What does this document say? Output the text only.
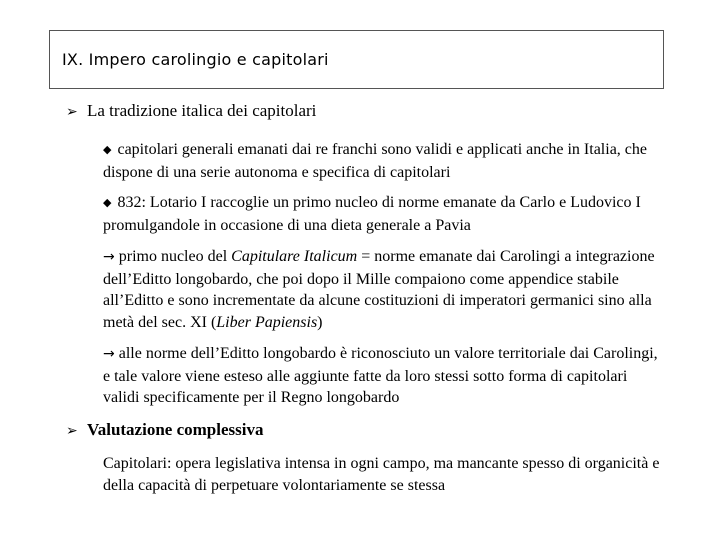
IX. Impero carolingio e capitolari
➢ La tradizione italica dei capitolari
◆ capitolari generali emanati dai re franchi sono validi e applicati anche in Italia, che dispone di una serie autonoma e specifica di capitolari
◆ 832: Lotario I raccoglie un primo nucleo di norme emanate da Carlo e Ludovico I promulgandole in occasione di una dieta generale a Pavia
→ primo nucleo del Capitulare Italicum = norme emanate dai Carolingi a integrazione dell’Editto longobardo, che poi dopo il Mille compaiono come appendice stabile all’Editto e sono incrementate da alcune costituzioni di imperatori germanici sino alla metà del sec. XI (Liber Papiensis)
→ alle norme dell’Editto longobardo è riconosciuto un valore territoriale dai Carolingi, e tale valore viene esteso alle aggiunte fatte da loro stessi sotto forma di capitolari validi specificamente per il Regno longobardo
➢ Valutazione complessiva
Capitolari: opera legislativa intensa in ogni campo, ma mancante spesso di organicità e della capacità di perpetuare volontariamente se stessa
